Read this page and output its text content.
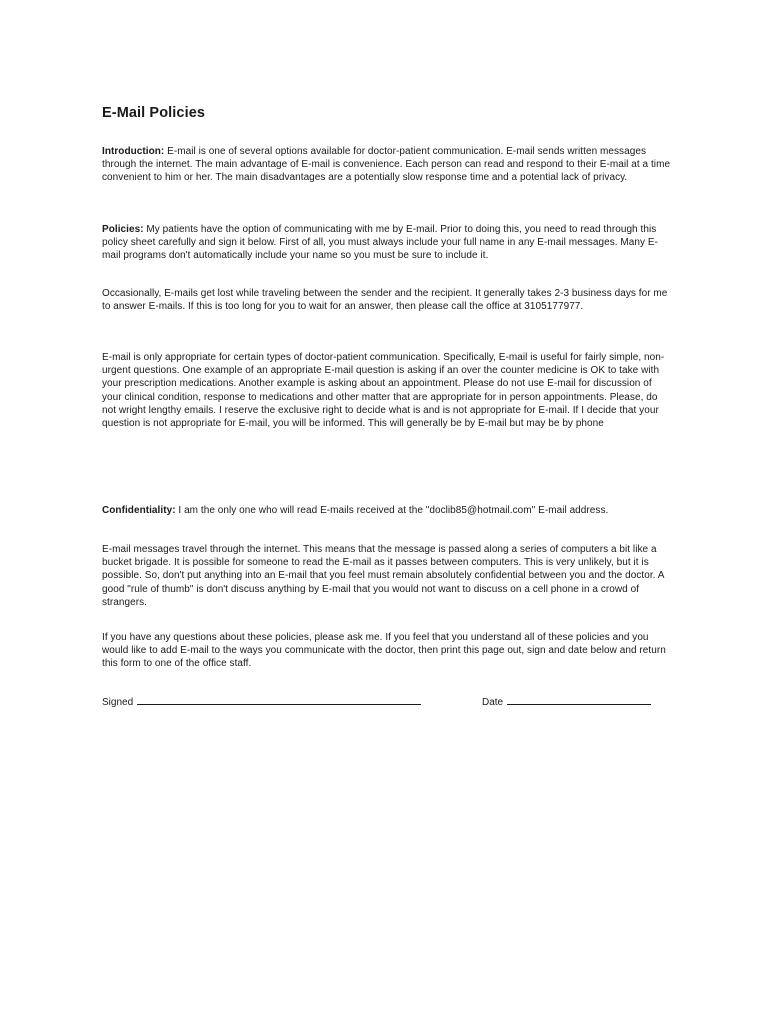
E-Mail Policies

Introduction: E-mail is one of several options available for doctor-patient communication. E-mail sends written messages through the internet. The main advantage of E-mail is convenience. Each person can read and respond to their E-mail at a time convenient to him or her. The main disadvantages are a potentially slow response time and a potential lack of privacy.

Policies: My patients have the option of communicating with me by E-mail. Prior to doing this, you need to read through this policy sheet carefully and sign it below. First of all, you must always include your full name in any E-mail messages. Many E-mail programs don't automatically include your name so you must be sure to include it.

Occasionally, E-mails get lost while traveling between the sender and the recipient. It generally takes 2-3 business days for me to answer E-mails. If this is too long for you to wait for an answer, then please call the office at 3105177977.

E-mail is only appropriate for certain types of doctor-patient communication. Specifically, E-mail is useful for fairly simple, non-urgent questions. One example of an appropriate E-mail question is asking if an over the counter medicine is OK to take with your prescription medications. Another example is asking about an appointment. Please do not use E-mail for discussion of your clinical condition, response to medications and other matter that are appropriate for in person appointments. Please, do not wright lengthy emails. I reserve the exclusive right to decide what is and is not appropriate for E-mail. If I decide that your question is not appropriate for E-mail, you will be informed. This will generally be by E-mail but may be by phone

Confidentiality: I am the only one who will read E-mails received at the "doclib85@hotmail.com" E-mail address.

E-mail messages travel through the internet. This means that the message is passed along a series of computers a bit like a bucket brigade. It is possible for someone to read the E-mail as it passes between computers. This is very unlikely, but it is possible. So, don't put anything into an E-mail that you feel must remain absolutely confidential between you and the doctor. A good "rule of thumb" is don't discuss anything by E-mail that you would not want to discuss on a cell phone in a crowd of strangers.

If you have any questions about these policies, please ask me. If you feel that you understand all of these policies and you would like to add E-mail to the ways you communicate with the doctor, then print this page out, sign and date below and return this form to one of the office staff.

Signed	Date
